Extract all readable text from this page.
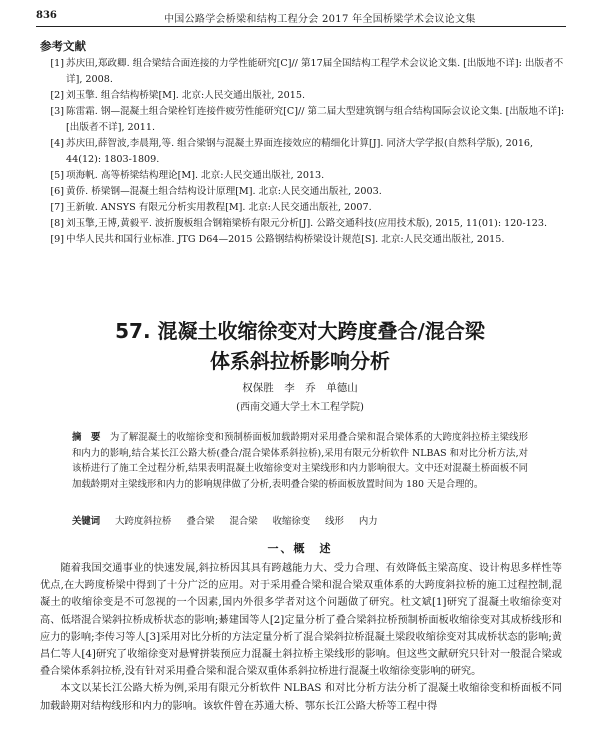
836	中国公路学会桥梁和结构工程分会 2017 年全国桥梁学术会议论文集
参考文献
[1] 苏庆田,郑政卿. 组合梁结合面连接的力学性能研究[C]// 第17届全国结构工程学术会议论文集. [出版地不详]: 出版者不详], 2008.
[2] 刘玉擎. 组合结构桥梁[M]. 北京:人民交通出版社, 2015.
[3] 陈雷霜. 钢—混凝土组合梁栓钉连接件疲劳性能研究[C]// 第二届大型建筑钢与组合结构国际会议论文集. [出版地不详]: [出版者不详], 2011.
[4] 苏庆田,薛智波,李晨翔,等. 组合梁钢与混凝土界面连接效应的精细化计算[J]. 同济大学学报(自然科学版), 2016, 44(12): 1803-1809.
[5] 项海帆. 高等桥梁结构理论[M]. 北京:人民交通出版社, 2013.
[6] 黄侨. 桥梁钢—混凝土组合结构设计原理[M]. 北京:人民交通出版社, 2003.
[7] 王新敏. ANSYS 有限元分析实用教程[M]. 北京:人民交通出版社, 2007.
[8] 刘玉擎,王博,黄毅平. 波折腹板组合钢箱梁桥有限元分析[J]. 公路交通科技(应用技术版), 2015, 11(01): 120-123.
[9] 中华人民共和国行业标准. JTG D64—2015 公路钢结构桥梁设计规范[S]. 北京:人民交通出版社, 2015.
57. 混凝土收缩徐变对大跨度叠合/混合梁
体系斜拉桥影响分析
权保胜　李　乔　单德山
(西南交通大学土木工程学院)
摘　要 为了解混凝土的收缩徐变和预制桥面板加载龄期对采用叠合梁和混合梁体系的大跨度斜拉桥主梁线形和内力的影响,结合某长江公路大桥(叠合/混合梁体系斜拉桥),采用有限元分析软件 NLBAS 和对比分析方法,对该桥进行了施工全过程分析,结果表明混凝土收缩徐变对主梁线形和内力影响很大。文中还对混凝土桥面板不同加载龄期对主梁线形和内力的影响规律做了分析,表明叠合梁的桥面板放置时间为 180 天是合理的。
关键词 大跨度斜拉桥 叠合梁 混合梁 收缩徐变 线形 内力
一、概　述

随着我国交通事业的快速发展,斜拉桥因其具有跨越能力大、受力合理、有效降低主梁高度、设计构思多样性等优点,在大跨度桥梁中得到了十分广泛的应用。对于采用叠合梁和混合梁双重体系的大跨度斜拉桥的施工过程控制,混凝土的收缩徐变是不可忽视的一个因素,国内外很多学者对这个问题做了研究。杜文斌[1]研究了混凝土收缩徐变对高、低塔混合梁斜拉桥成桥状态的影响;綦建国等人[2]定量分析了叠合梁斜拉桥预制桥面板收缩徐变对其成桥线形和应力的影响;李传习等人[3]采用对比分析的方法定量分析了混合梁斜拉桥混凝土梁段收缩徐变对其成桥状态的影响;黄昌仁等人[4]研究了收缩徐变对悬臂拼装预应力混凝土斜拉桥主梁线形的影响。但这些文献研究只针对一般混合梁或叠合梁体系斜拉桥,没有针对采用叠合梁和混合梁双重体系斜拉桥进行混凝土收缩徐变影响的研究。

本文以某长江公路大桥为例,采用有限元分析软件 NLBAS 和对比分析方法分析了混凝土收缩徐变和桥面板不同加载龄期对结构线形和内力的影响。该软件曾在苏通大桥、鄂东长江公路大桥等工程中得
